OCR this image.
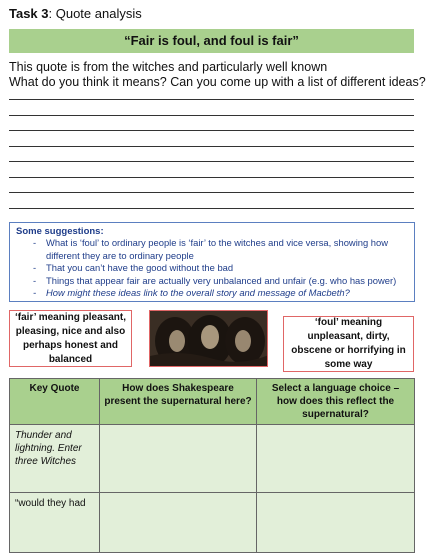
Task 3: Quote analysis
“Fair is foul, and foul is fair”
This quote is from the witches and particularly well known
What do you think it means? Can you come up with a list of different ideas?
Some suggestions:
- What is ‘foul’ to ordinary people is ‘fair’ to the witches and vice versa, showing how different they are to ordinary people
- That you can’t have the good without the bad
- Things that appear fair are actually very unbalanced and unfair (e.g. who has power)
- How might these ideas link to the overall story and message of Macbeth?
‘fair’ meaning pleasant, pleasing, nice and also perhaps honest and balanced
‘foul’ meaning unpleasant, dirty, obscene or horrifying in some way
Key Quote	How does Shakespeare present the supernatural here?	Select a language choice – how does this reflect the supernatural?
Thunder and lightning. Enter three Witches		
“would they had		
